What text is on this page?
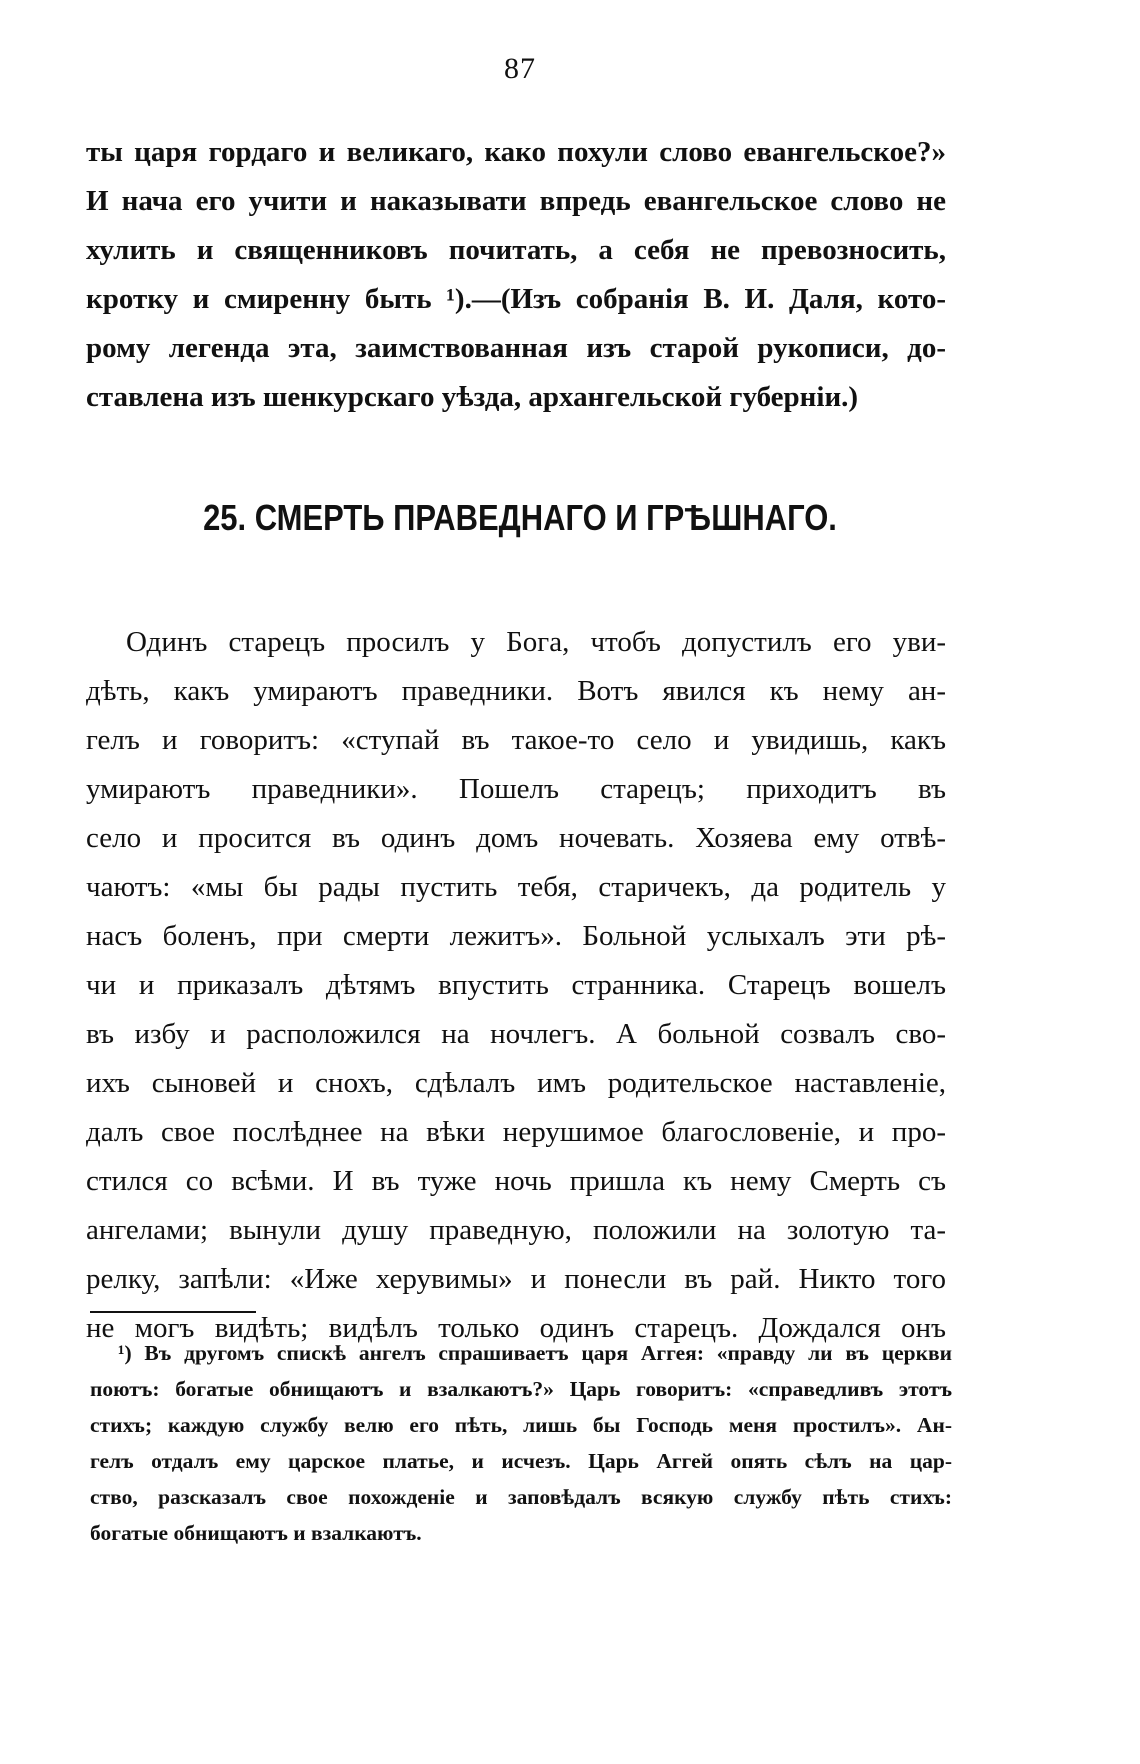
87
ты царя гордаго и великаго, како похули слово евангельское?»
И нача его учити и наказывати впредь евангельское слово не
хулить и священниковъ почитать, а себя не превозносить,
кротку и смиренну быть ¹).—(Изъ собранія В. И. Даля, кото-
рому легенда эта, заимствованная изъ старой рукописи, до-
ставлена изъ шенкурскаго уѣзда, архангельской губерніи.)
25. СМЕРТЬ ПРАВЕДНАГО И ГРѢШНАГО.
Одинъ старецъ просилъ у Бога, чтобъ допустилъ его уви-
дѣть, какъ умираютъ праведники. Вотъ явился къ нему ан-
гелъ и говоритъ: «ступай въ такое-то село и увидишь, какъ
умираютъ праведники». Пошелъ старецъ; приходитъ въ
село и просится въ одинъ домъ ночевать. Хозяева ему отвѣ-
чаютъ: «мы бы рады пустить тебя, старичекъ, да родитель у
насъ боленъ, при смерти лежитъ». Больной услыхалъ эти рѣ-
чи и приказалъ дѣтямъ впустить странника. Старецъ вошелъ
въ избу и расположился на ночлегъ. А больной созвалъ сво-
ихъ сыновей и снохъ, сдѣлалъ имъ родительское наставленіе,
далъ свое послѣднее на вѣки нерушимое благословеніе, и про-
стился со всѣми. И въ туже ночь пришла къ нему Смерть съ
ангелами; вынули душу праведную, положили на золотую та-
релку, запѣли: «Иже херувимы» и понесли въ рай. Никто того
не могъ видѣть; видѣлъ только одинъ старецъ. Дождался онъ
¹) Въ другомъ спискѣ ангелъ спрашиваетъ царя Аггея: «правду ли въ церкви
поютъ: богатые обнищаютъ и взалкаютъ?» Царь говоритъ: «справедливъ этотъ
стихъ; каждую службу велю его пѣть, лишь бы Господь меня простилъ». Ан-
гелъ отдалъ ему царское платье, и исчезъ. Царь Аггей опять сѣлъ на цар-
ство, разсказалъ свое похожденіе и заповѣдалъ всякую службу пѣть стихъ:
богатые обнищаютъ и взалкаютъ.
